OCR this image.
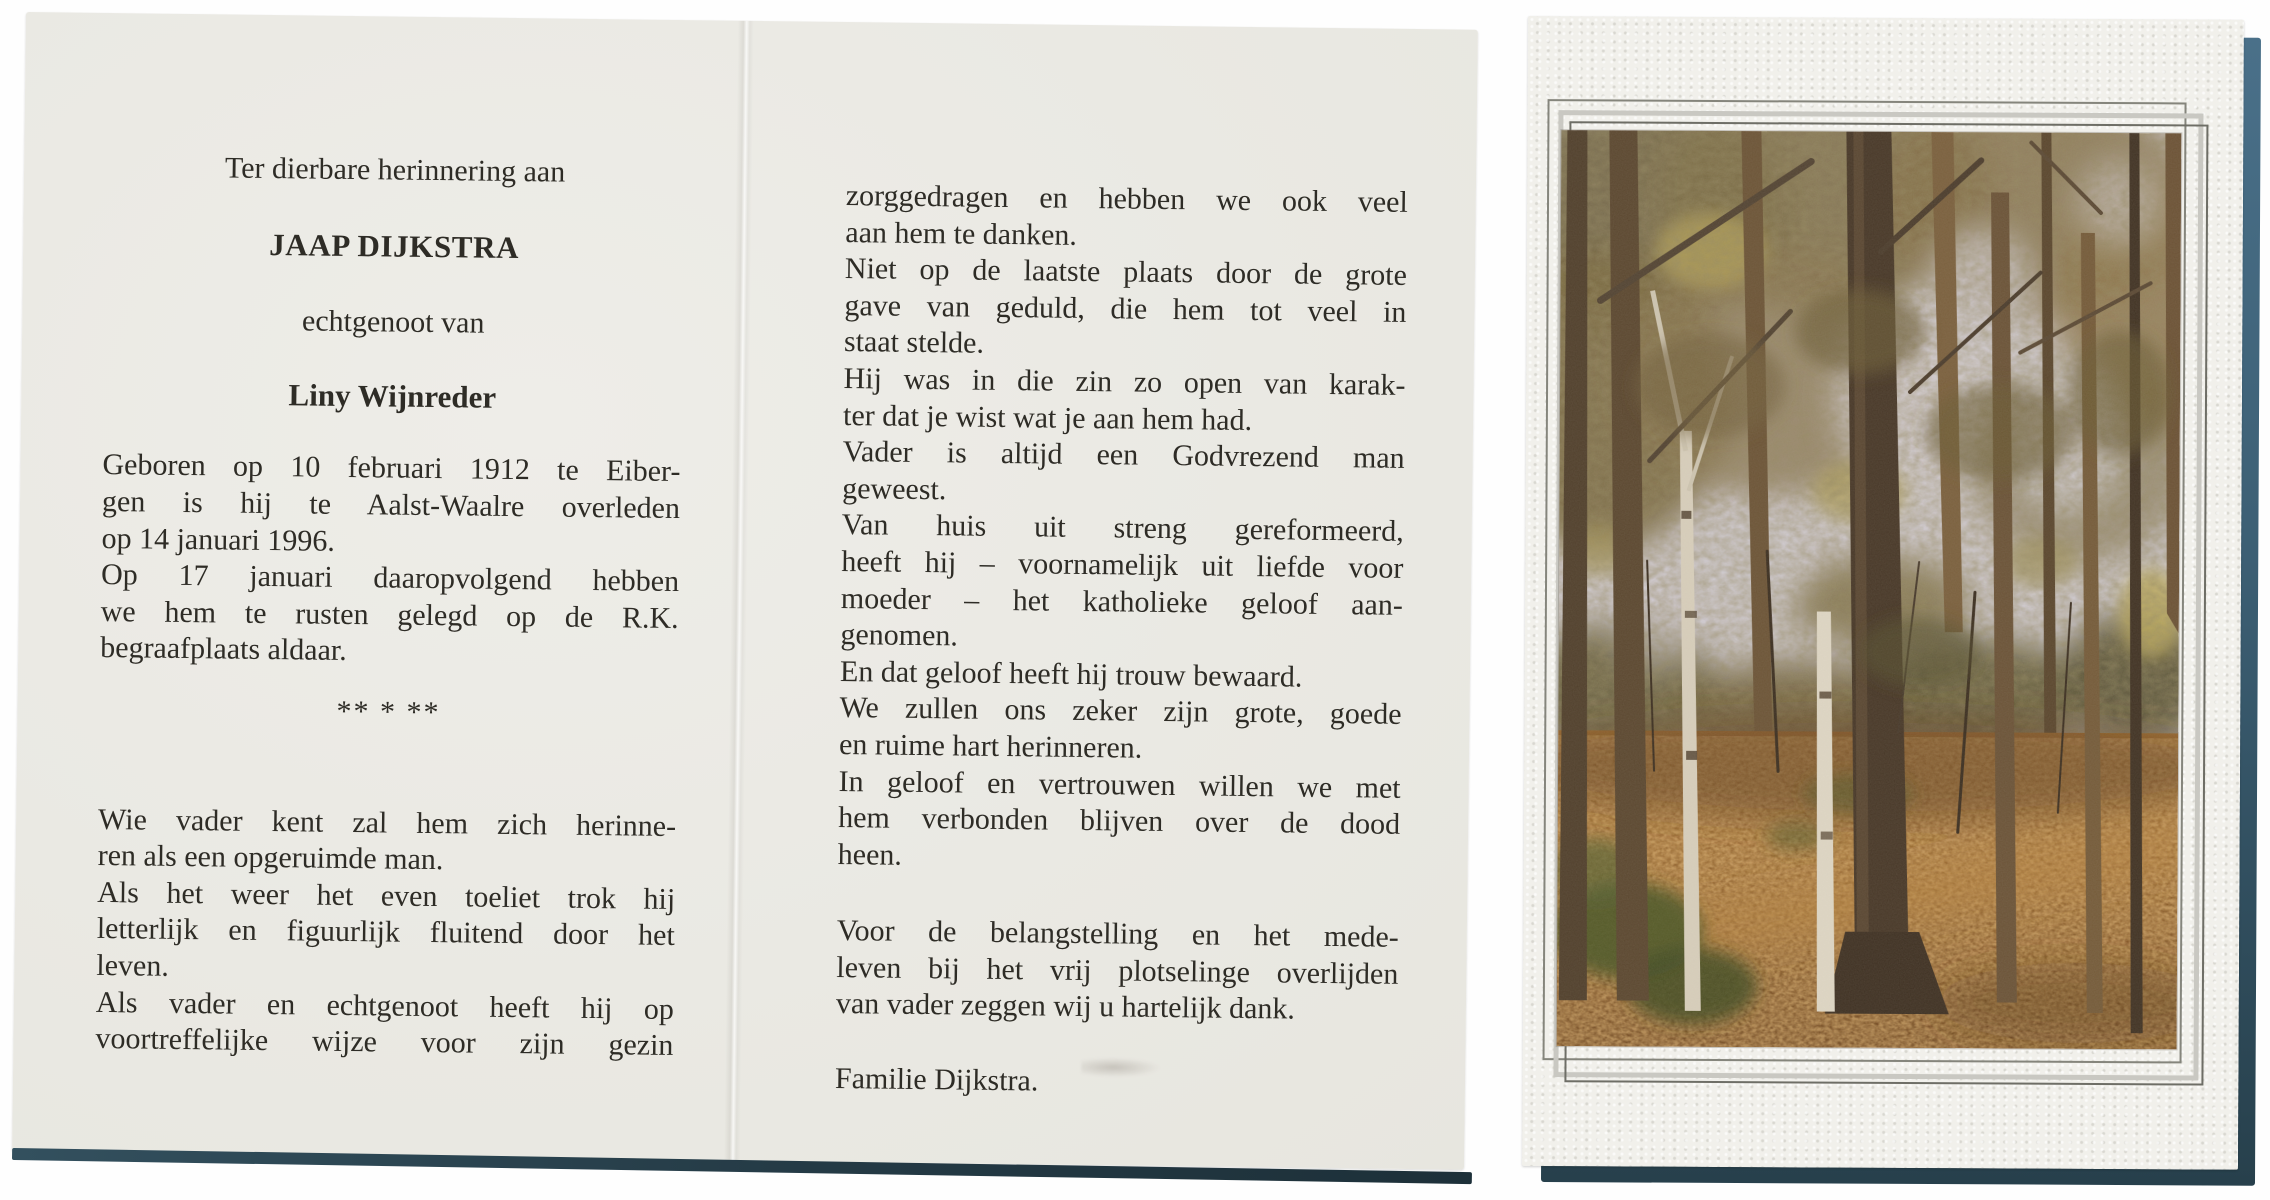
Ter dierbare herinnering aan
JAAP DIJKSTRA
echtgenoot van
Liny Wijnreder
Geboren op 10 februari 1912 te Eiber-
gen is hij te Aalst-Waalre overleden
op 14 januari 1996.
Op 17 januari daaropvolgend hebben
we hem te rusten gelegd op de R.K.
begraafplaats aldaar.
** * **
Wie vader kent zal hem zich herinne-
ren als een opgeruimde man.
Als het weer het even toeliet trok hij
letterlijk en figuurlijk fluitend door het
leven.
Als vader en echtgenoot heeft hij op
voortreffelijke wijze voor zijn gezin
zorggedragen en hebben we ook veel
aan hem te danken.
Niet op de laatste plaats door de grote
gave van geduld, die hem tot veel in
staat stelde.
Hij was in die zin zo open van karak-
ter dat je wist wat je aan hem had.
Vader is altijd een Godvrezend man
geweest.
Van huis uit streng gereformeerd,
heeft hij – voornamelijk uit liefde voor
moeder – het katholieke geloof aan-
genomen.
En dat geloof heeft hij trouw bewaard.
We zullen ons zeker zijn grote, goede
en ruime hart herinneren.
In geloof en vertrouwen willen we met
hem verbonden blijven over de dood
heen.
Voor de belangstelling en het mede-
leven bij het vrij plotselinge overlijden
van vader zeggen wij u hartelijk dank.
Familie Dijkstra.
